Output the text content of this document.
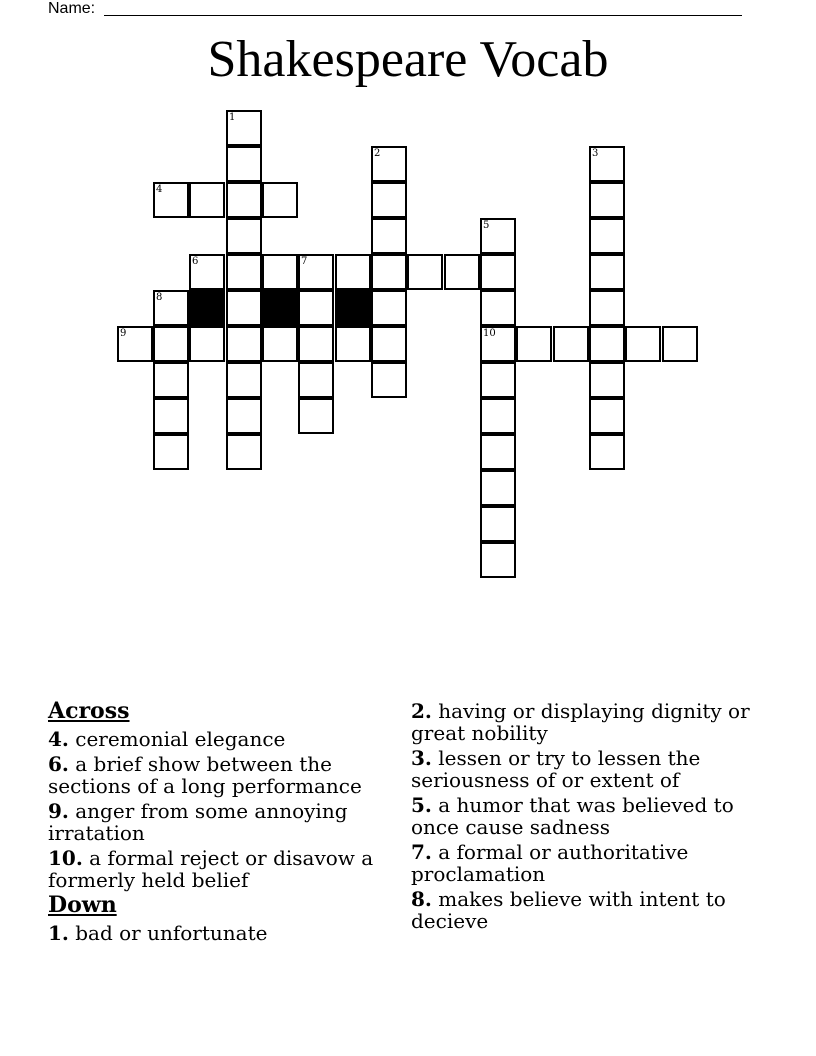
Name:
Shakespeare Vocab
1
4
2	3
5
6	7
8
9	10
Across
4. ceremonial elegance
6. a brief show between the sections of a long performance
9. anger from some annoying irratation
10. a formal reject or disavow a formerly held belief
Down
1. bad or unfortunate
2. having or displaying dignity or great nobility
3. lessen or try to lessen the seriousness of or extent of
5. a humor that was believed to once cause sadness
7. a formal or authoritative proclamation
8. makes believe with intent to decieve
